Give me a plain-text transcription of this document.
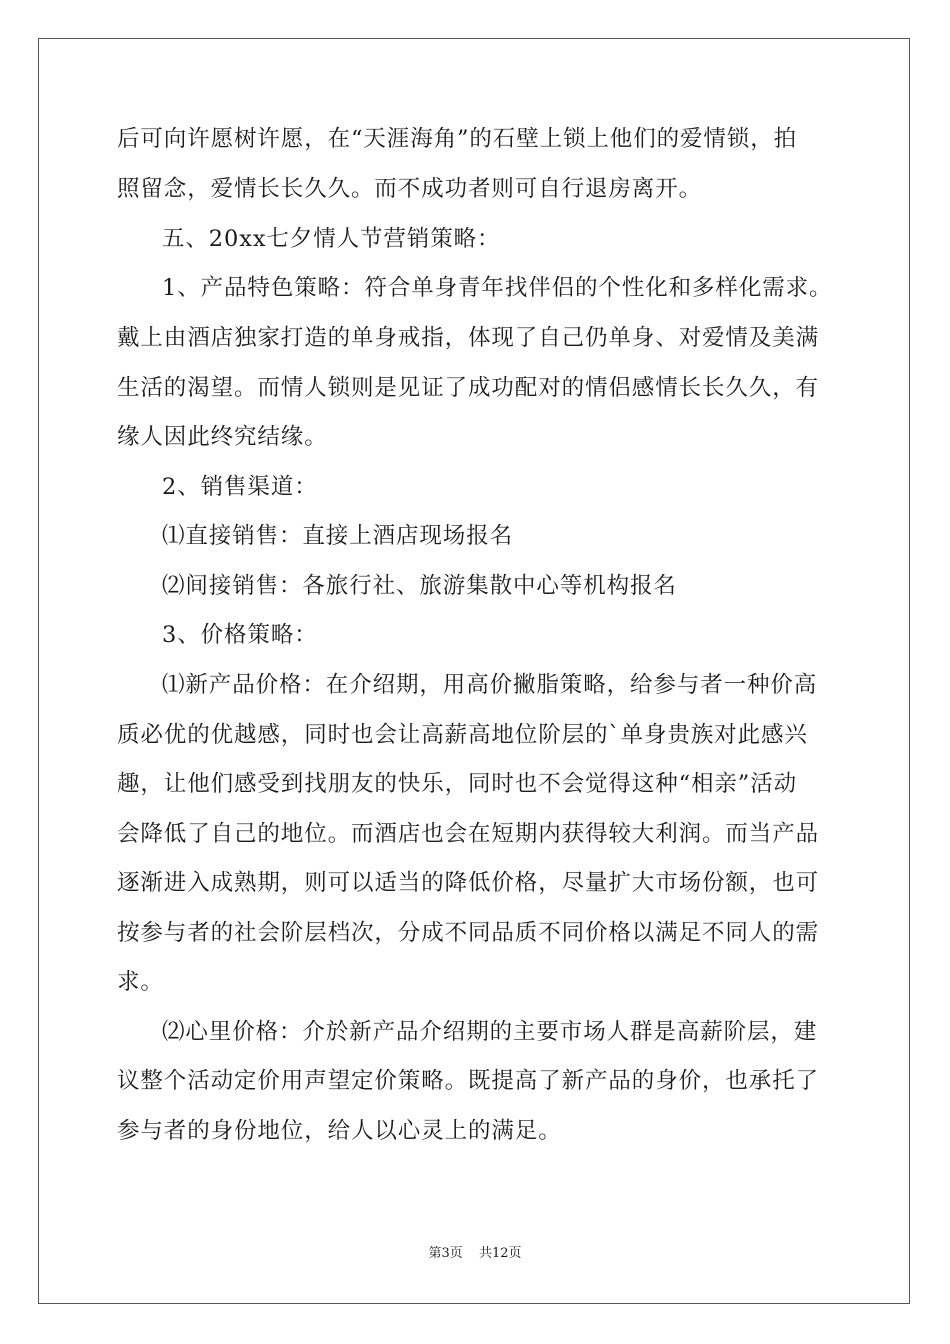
后可向许愿树许愿，在“天涯海角”的石壁上锁上他们的爱情锁，拍
照留念，爱情长长久久。而不成功者则可自行退房离开。
五、20xx七夕情人节营销策略：
1、产品特色策略：符合单身青年找伴侣的个性化和多样化需求。
戴上由酒店独家打造的单身戒指，体现了自己仍单身、对爱情及美满
生活的渴望。而情人锁则是见证了成功配对的情侣感情长长久久，有
缘人因此终究结缘。
2、销售渠道：
⑴直接销售：直接上酒店现场报名
⑵间接销售：各旅行社、旅游集散中心等机构报名
3、价格策略：
⑴新产品价格：在介绍期，用高价撇脂策略，给参与者一种价高
质必优的优越感，同时也会让高薪高地位阶层的`单身贵族对此感兴
趣，让他们感受到找朋友的快乐，同时也不会觉得这种“相亲”活动
会降低了自己的地位。而酒店也会在短期内获得较大利润。而当产品
逐渐进入成熟期，则可以适当的降低价格，尽量扩大市场份额，也可
按参与者的社会阶层档次，分成不同品质不同价格以满足不同人的需
求。
⑵心里价格：介於新产品介绍期的主要市场人群是高薪阶层，建
议整个活动定价用声望定价策略。既提高了新产品的身价，也承托了
参与者的身份地位，给人以心灵上的满足。
第3页 共12页
